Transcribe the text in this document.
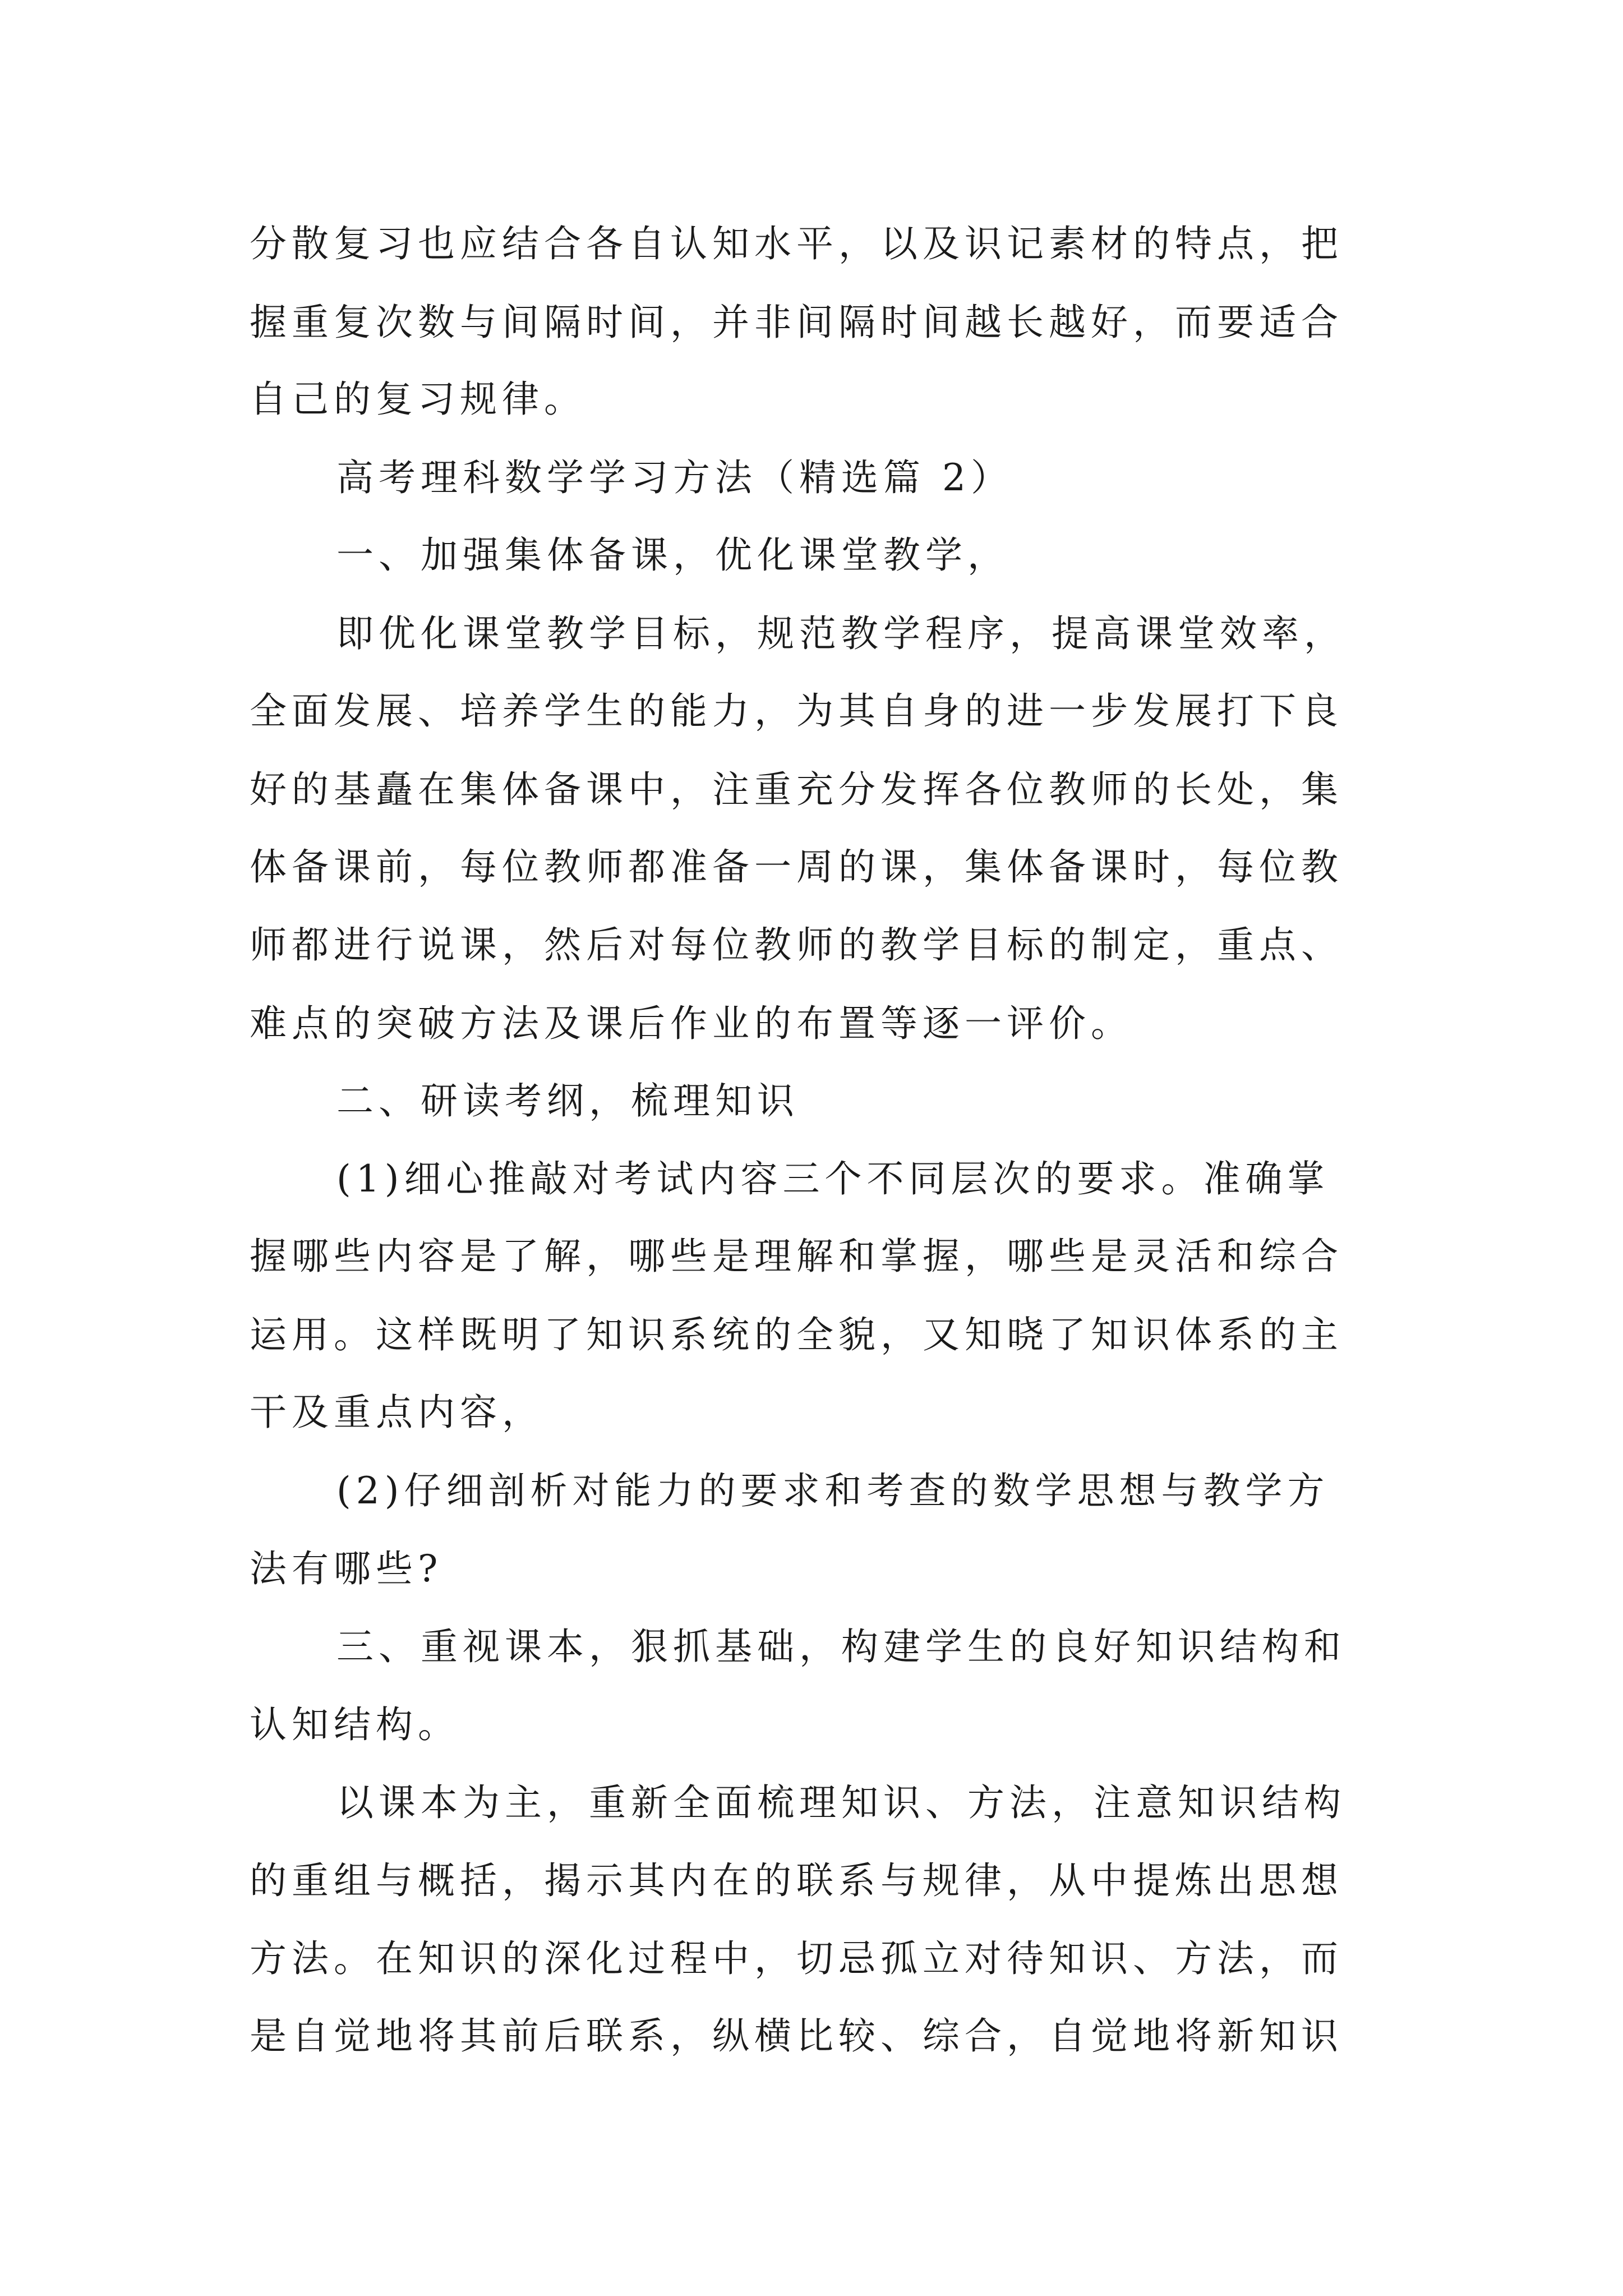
分散复习也应结合各自认知水平，以及识记素材的特点，把
握重复次数与间隔时间，并非间隔时间越长越好，而要适合
自己的复习规律。
高考理科数学学习方法（精选篇 2）
一、加强集体备课，优化课堂教学，
即优化课堂教学目标，规范教学程序，提高课堂效率，
全面发展、培养学生的能力，为其自身的进一步发展打下良
好的基矗在集体备课中，注重充分发挥各位教师的长处，集
体备课前，每位教师都准备一周的课，集体备课时，每位教
师都进行说课，然后对每位教师的教学目标的制定，重点、
难点的突破方法及课后作业的布置等逐一评价。
二、研读考纲，梳理知识
(1)细心推敲对考试内容三个不同层次的要求。准确掌
握哪些内容是了解，哪些是理解和掌握，哪些是灵活和综合
运用。这样既明了知识系统的全貌，又知晓了知识体系的主
干及重点内容，
(2)仔细剖析对能力的要求和考查的数学思想与教学方
法有哪些?
三、重视课本，狠抓基础，构建学生的良好知识结构和
认知结构。
以课本为主，重新全面梳理知识、方法，注意知识结构
的重组与概括，揭示其内在的联系与规律，从中提炼出思想
方法。在知识的深化过程中，切忌孤立对待知识、方法，而
是自觉地将其前后联系，纵横比较、综合，自觉地将新知识
